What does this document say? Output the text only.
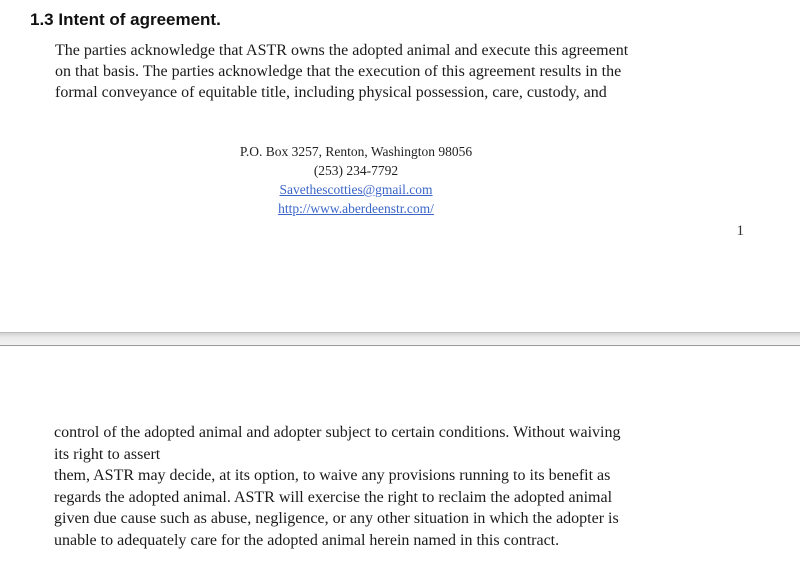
1.3 Intent of agreement.
The parties acknowledge that ASTR owns the adopted animal and execute this agreement
on that basis. The parties acknowledge that the execution of this agreement results in the
formal conveyance of equitable title, including physical possession, care, custody, and
P.O. Box 3257, Renton, Washington 98056
(253) 234-7792
Savethescotties@gmail.com
http://www.aberdeenstr.com/
1
control of the adopted animal and adopter subject to certain conditions. Without waiving
its right to assert
them, ASTR may decide, at its option, to waive any provisions running to its benefit as
regards the adopted animal. ASTR will exercise the right to reclaim the adopted animal
given due cause such as abuse, negligence, or any other situation in which the adopter is
unable to adequately care for the adopted animal herein named in this contract.
